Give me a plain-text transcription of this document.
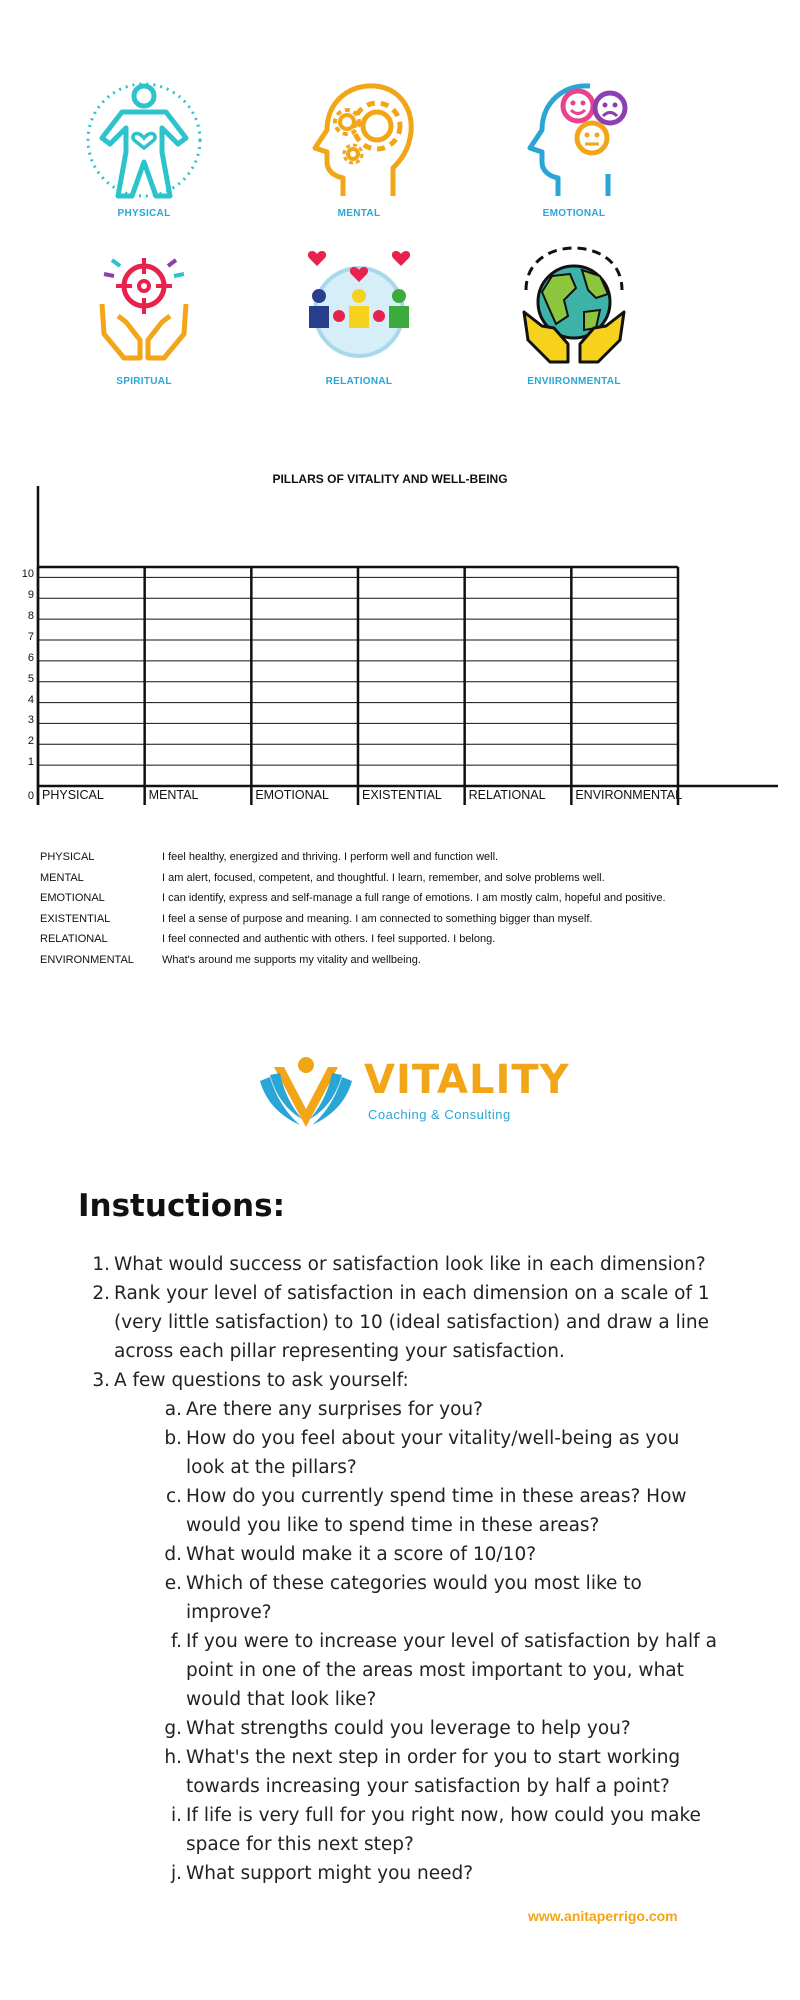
PHYSICAL	MENTAL	EMOTIONAL
SPIRITUAL	RELATIONAL	ENVIIRONMENTAL
PILLARS OF VITALITY AND WELL-BEING
10
9
8
7
6
5
4
3
2
1
0 PHYSICAL	MENTAL	EMOTIONAL	EXISTENTIAL RELATIONAL ENVIRONMENTAL
PHYSICAL	I feel healthy, energized and thriving. I perform well and function well.
MENTAL	I am alert, focused, competent, and thoughtful. I learn, remember, and solve problems well.
EMOTIONAL	I can identify, express and self-manage a full range of emotions. I am mostly calm, hopeful and positive.
EXISTENTIAL	I feel a sense of purpose and meaning. I am connected to something bigger than myself.
RELATIONAL	I feel connected and authentic with others. I feel supported. I belong.
ENVIRONMENTAL	What's around me supports my vitality and wellbeing.
VITALITY
Coaching & Consulting
Instuctions:
1. What would success or satisfaction look like in each dimension?
2. Rank your level of satisfaction in each dimension on a scale of 1 (very little satisfaction) to 10 (ideal satisfaction) and draw a line across each pillar representing your satisfaction.
3. A few questions to ask yourself:
a. Are there any surprises for you?
b. How do you feel about your vitality/well-being as you look at the pillars?
c. How do you currently spend time in these areas? How would you like to spend time in these areas?
d. What would make it a score of 10/10?
e. Which of these categories would you most like to improve?
f. If you were to increase your level of satisfaction by half a point in one of the areas most important to you, what would that look like?
g. What strengths could you leverage to help you?
h. What's the next step in order for you to start working towards increasing your satisfaction by half a point?
i. If life is very full for you right now, how could you make space for this next step?
j. What support might you need?
www.anitaperrigo.com
